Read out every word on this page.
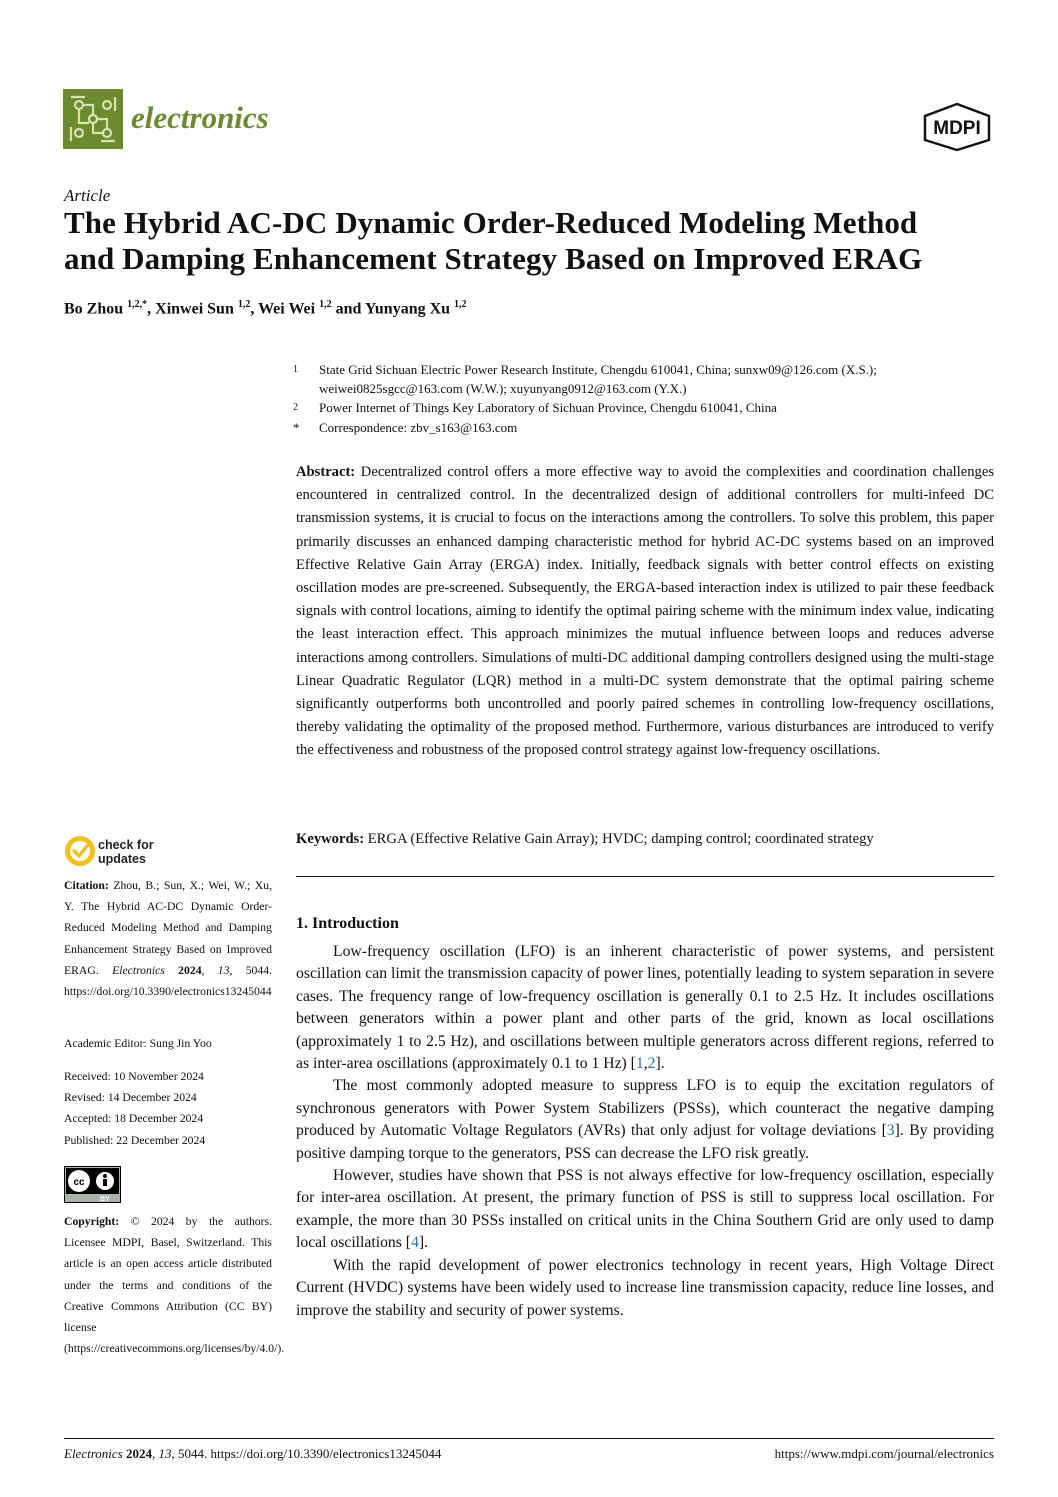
electronics	MDPI
Article
The Hybrid AC-DC Dynamic Order-Reduced Modeling Method
and Damping Enhancement Strategy Based on Improved ERAG
Bo Zhou $^{1,2,*}$, Xinwei Sun $^{1,2}$, Wei Wei $^{1,2}$ and Yunyang Xu $^{1,2}$
1	State Grid Sichuan Electric Power Research Institute, Chengdu 610041, China; sunxw09@126.com (X.S.); weiwei0825sgcc@163.com (W.W.); xuyunyang0912@163.com (Y.X.)
2	Power Internet of Things Key Laboratory of Sichuan Province, Chengdu 610041, China
*	Correspondence: zbv_s163@163.com
Abstract: Decentralized control offers a more effective way to avoid the complexities and coordination challenges encountered in centralized control. In the decentralized design of additional controllers for multi-infeed DC transmission systems, it is crucial to focus on the interactions among the controllers. To solve this problem, this paper primarily discusses an enhanced damping characteristic method for hybrid AC-DC systems based on an improved Effective Relative Gain Array (ERGA) index. Initially, feedback signals with better control effects on existing oscillation modes are pre-screened. Subsequently, the ERGA-based interaction index is utilized to pair these feedback signals with control locations, aiming to identify the optimal pairing scheme with the minimum index value, indicating the least interaction effect. This approach minimizes the mutual influence between loops and reduces adverse interactions among controllers. Simulations of multi-DC additional damping controllers designed using the multi-stage Linear Quadratic Regulator (LQR) method in a multi-DC system demonstrate that the optimal pairing scheme significantly outperforms both uncontrolled and poorly paired schemes in controlling low-frequency oscillations, thereby validating the optimality of the proposed method. Furthermore, various disturbances are introduced to verify the effectiveness and robustness of the proposed control strategy against low-frequency oscillations.
Keywords: ERGA (Effective Relative Gain Array); HVDC; damping control; coordinated strategy
1. Introduction

Low-frequency oscillation (LFO) is an inherent characteristic of power systems, and persistent oscillation can limit the transmission capacity of power lines, potentially leading to system separation in severe cases. The frequency range of low-frequency oscillation is generally 0.1 to 2.5 Hz. It includes oscillations between generators within a power plant and other parts of the grid, known as local oscillations (approximately 1 to 2.5 Hz), and oscillations between multiple generators across different regions, referred to as inter-area oscillations (approximately 0.1 to 1 Hz) [1,2].

The most commonly adopted measure to suppress LFO is to equip the excitation regulators of synchronous generators with Power System Stabilizers (PSSs), which counteract the negative damping produced by Automatic Voltage Regulators (AVRs) that only adjust for voltage deviations [3]. By providing positive damping torque to the generators, PSS can decrease the LFO risk greatly.

However, studies have shown that PSS is not always effective for low-frequency oscillation, especially for inter-area oscillation. At present, the primary function of PSS is still to suppress local oscillation. For example, the more than 30 PSSs installed on critical units in the China Southern Grid are only used to damp local oscillations [4].

With the rapid development of power electronics technology in recent years, High Voltage Direct Current (HVDC) systems have been widely used to increase line transmission capacity, reduce line losses, and improve the stability and security of power systems.

check for
updates
Citation: Zhou, B.; Sun, X.; Wei, W.; Xu, Y. The Hybrid AC-DC Dynamic Order-Reduced Modeling Method and Damping Enhancement Strategy Based on Improved ERAG. Electronics 2024, 13, 5044. https://doi.org/10.3390/electronics13245044
Academic Editor: Sung Jin Yoo
Received: 10 November 2024
Revised: 14 December 2024
Accepted: 18 December 2024
Published: 22 December 2024
cc
BY
Copyright: © 2024 by the authors. Licensee MDPI, Basel, Switzerland. This article is an open access article distributed under the terms and conditions of the Creative Commons Attribution (CC BY) license (https://creativecommons.org/licenses/by/4.0/).
Electronics 2024, 13, 5044. https://doi.org/10.3390/electronics13245044	https://www.mdpi.com/journal/electronics
